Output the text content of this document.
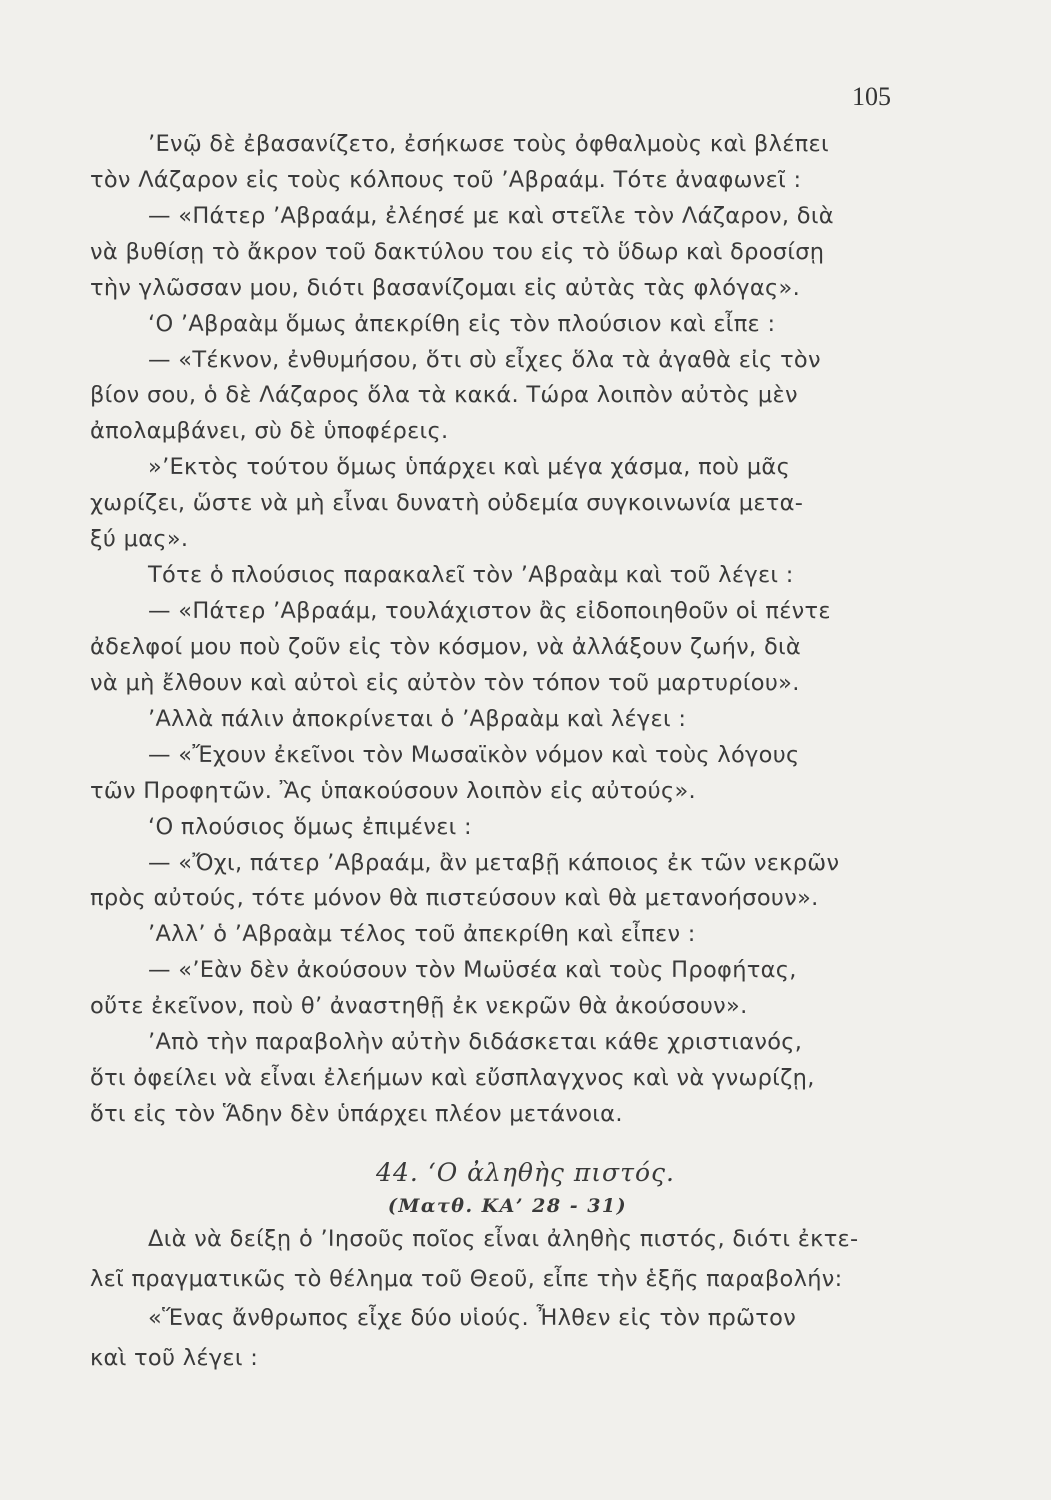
105
’Ενῷ δὲ ἐβασανίζετο, ἐσήκωσε τοὺς ὀφθαλμοὺς καὶ βλέπει
τὸν Λάζαρον εἰς τοὺς κόλπους τοῦ ’Αβραάμ. Τότε ἀναφωνεῖ :
— «Πάτερ ’Αβραάμ, ἐλέησέ με καὶ στεῖλε τὸν Λάζαρον, διὰ
νὰ βυθίσῃ τὸ ἄκρον τοῦ δακτύλου του εἰς τὸ ὕδωρ καὶ δροσίσῃ
τὴν γλῶσσαν μου, διότι βασανίζομαι εἰς αὐτὰς τὰς φλόγας».
‘Ο ’Αβραὰμ ὅμως ἀπεκρίθη εἰς τὸν πλούσιον καὶ εἶπε :
— «Τέκνον, ἐνθυμήσου, ὅτι σὺ εἶχες ὅλα τὰ ἀγαθὰ εἰς τὸν
βίον σου, ὁ δὲ Λάζαρος ὅλα τὰ κακά. Τώρα λοιπὸν αὐτὸς μὲν
ἀπολαμβάνει, σὺ δὲ ὑποφέρεις.
»’Εκτὸς τούτου ὅμως ὑπάρχει καὶ μέγα χάσμα, ποὺ μᾶς
χωρίζει, ὥστε νὰ μὴ εἶναι δυνατὴ οὐδεμία συγκοινωνία μετα-
ξύ μας».
Τότε ὁ πλούσιος παρακαλεῖ τὸν ’Αβραὰμ καὶ τοῦ λέγει :
— «Πάτερ ’Αβραάμ, τουλάχιστον ἂς εἰδοποιηθοῦν οἱ πέντε
ἀδελφοί μου ποὺ ζοῦν εἰς τὸν κόσμον, νὰ ἀλλάξουν ζωήν, διὰ
νὰ μὴ ἔλθουν καὶ αὐτοὶ εἰς αὐτὸν τὸν τόπον τοῦ μαρτυρίου».
’Αλλὰ πάλιν ἀποκρίνεται ὁ ’Αβραὰμ καὶ λέγει :
— «Ἔχουν ἐκεῖνοι τὸν Μωσαϊκὸν νόμον καὶ τοὺς λόγους
τῶν Προφητῶν. Ἂς ὑπακούσουν λοιπὸν εἰς αὐτούς».
‘Ο πλούσιος ὅμως ἐπιμένει :
— «Ὄχι, πάτερ ’Αβραάμ, ἂν μεταβῇ κάποιος ἐκ τῶν νεκρῶν
πρὸς αὐτούς, τότε μόνον θὰ πιστεύσουν καὶ θὰ μετανοήσουν».
’Αλλ’ ὁ ’Αβραὰμ τέλος τοῦ ἀπεκρίθη καὶ εἶπεν :
— «’Εὰν δὲν ἀκούσουν τὸν Μωϋσέα καὶ τοὺς Προφήτας,
οὔτε ἐκεῖνον, ποὺ θ’ ἀναστηθῇ ἐκ νεκρῶν θὰ ἀκούσουν».
’Απὸ τὴν παραβολὴν αὐτὴν διδάσκεται κάθε χριστιανός,
ὅτι ὀφείλει νὰ εἶναι ἐλεήμων καὶ εὔσπλαγχνος καὶ νὰ γνωρίζῃ,
ὅτι εἰς τὸν Ἅδην δὲν ὑπάρχει πλέον μετάνοια.
44. ‘Ο ἀληθὴς πιστός.
(Ματθ. ΚΑ’ 28 - 31)
Διὰ νὰ δείξῃ ὁ ’Ιησοῦς ποῖος εἶναι ἀληθὴς πιστός, διότι ἐκτε-
λεῖ πραγματικῶς τὸ θέλημα τοῦ Θεοῦ, εἶπε τὴν ἑξῆς παραβολήν:
«Ἕνας ἄνθρωπος εἶχε δύο υἱούς. Ἦλθεν εἰς τὸν πρῶτον
καὶ τοῦ λέγει :
